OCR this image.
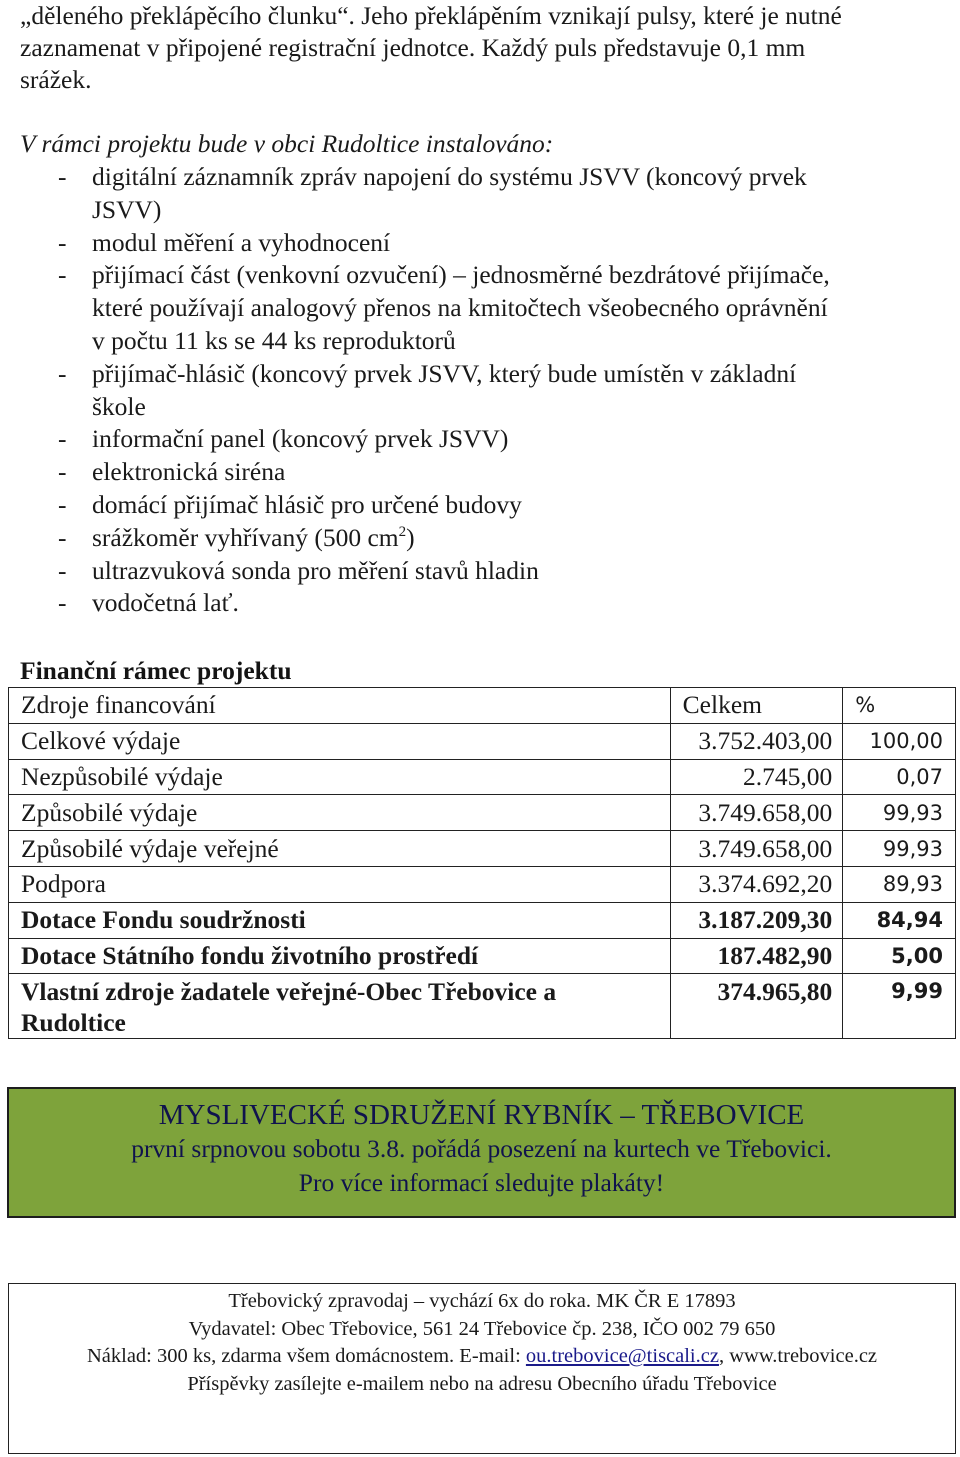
„děleného překlápěcího člunku“. Jeho překlápěním vznikají pulsy, které je nutné

zaznamenat v připojené registrační jednotce. Každý puls představuje 0,1 mm

srážek.

V rámci projektu bude v obci Rudoltice instalováno:
- digitální záznamník zpráv napojení do systému JSVV (koncový prvek
JSVV)
- modul měření a vyhodnocení
- přijímací část (venkovní ozvučení) – jednosměrné bezdrátové přijímače,
které používají analogový přenos na kmitočtech všeobecného oprávnění
v počtu 11 ks se 44 ks reproduktorů
- přijímač-hlásič (koncový prvek JSVV, který bude umístěn v základní
škole
- informační panel (koncový prvek JSVV)
- elektronická siréna
- domácí přijímač hlásič pro určené budovy
- srážkoměr vyhřívaný (500 $cm^2$)
- ultrazvuková sonda pro měření stavů hladin
- vodočetná lať.
Finanční rámec projektu
Zdroje financování	Celkem	%
Celkové výdaje	3.752.403,00	100,00
Nezpůsobilé výdaje	2.745,00	0,07
Způsobilé výdaje	3.749.658,00	99,93
Způsobilé výdaje veřejné	3.749.658,00	99,93
Podpora	3.374.692,20	89,93
Dotace Fondu soudržnosti	3.187.209,30	84,94
Dotace Státního fondu životního prostředí	187.482,90	5,00
Vlastní zdroje žadatele veřejné-Obec Třebovice a
Rudoltice	374.965,80	9,99
MYSLIVECKÉ SDRUŽENÍ RYBNÍK – TŘEBOVICE
první srpnovou sobotu 3.8. pořádá posezení na kurtech ve Třebovici.
Pro více informací sledujte plakáty!
Třebovický zpravodaj – vychází 6x do roka. MK ČR E 17893
Vydavatel: Obec Třebovice, 561 24 Třebovice čp. 238, IČO 002 79 650
Náklad: 300 ks, zdarma všem domácnostem. E-mail: ou.trebovice@tiscali.cz, www.trebovice.cz
Příspěvky zasílejte e-mailem nebo na adresu Obecního úřadu Třebovice
